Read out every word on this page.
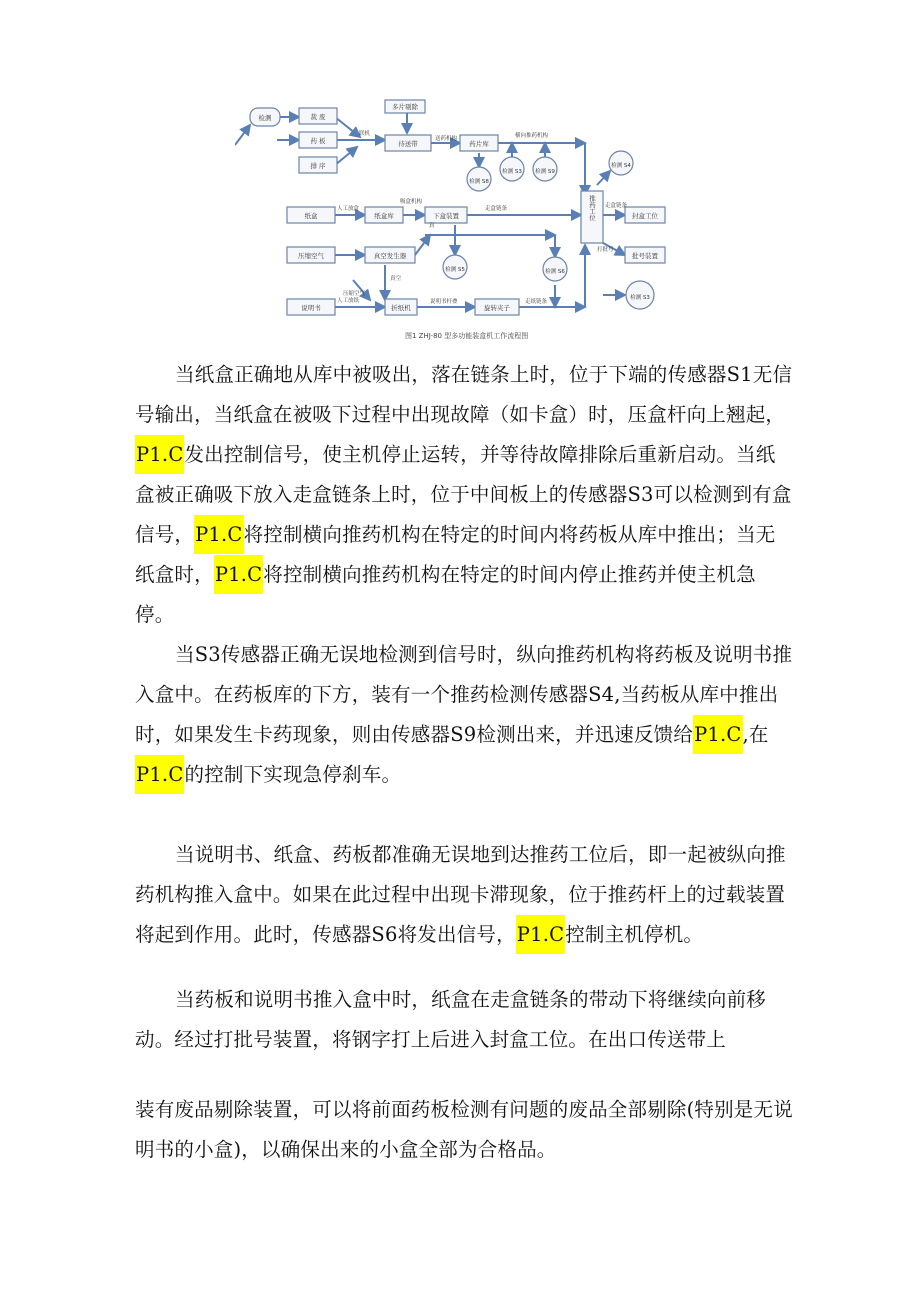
检测	裁 废
药 板
排 序
多片剔除
待送带	药片库
封盒工位
批号装置
纸盒	纸盒库	下盒装置
压缩空气	真空发生器
说明书	折纸机	旋转夹子
推药工位
检测 S8
检测 S3 检测 S9
检测 S4
检测 S5	检测 S6
检测 S3
联机
送药机构	横向推药机构
人工放盒
吸盒机构
走盒链条	走盒链条
压缩空气
真空
人工放纸	说明书杆叠	走纸链条
打批号
真
图1 ZHJ-80 型多功能装盒机工作流程图

当纸盒正确地从库中被吸出，落在链条上时，位于下端的传感器S1无信号输出，当纸盒在被吸下过程中出现故障（如卡盒）时，压盒杆向上翘起，P1.C发出控制信号，使主机停止运转，并等待故障排除后重新启动。当纸盒被正确吸下放入走盒链条上时，位于中间板上的传感器S3可以检测到有盒信号，P1.C将控制横向推药机构在特定的时间内将药板从库中推出；当无纸盒时，P1.C将控制横向推药机构在特定的时间内停止推药并使主机急停。

当S3传感器正确无误地检测到信号时，纵向推药机构将药板及说明书推入盒中。在药板库的下方，装有一个推药检测传感器S4,当药板从库中推出时，如果发生卡药现象，则由传感器S9检测出来，并迅速反馈给P1.C,在P1.C的控制下实现急停刹车。

当说明书、纸盒、药板都准确无误地到达推药工位后，即一起被纵向推药机构推入盒中。如果在此过程中出现卡滞现象，位于推药杆上的过载装置将起到作用。此时，传感器S6将发出信号，P1.C控制主机停机。

当药板和说明书推入盒中时，纸盒在走盒链条的带动下将继续向前移动。经过打批号装置，将钢字打上后进入封盒工位。在出口传送带上

装有废品剔除装置，可以将前面药板检测有问题的废品全部剔除(特别是无说明书的小盒)，以确保出来的小盒全部为合格品。
